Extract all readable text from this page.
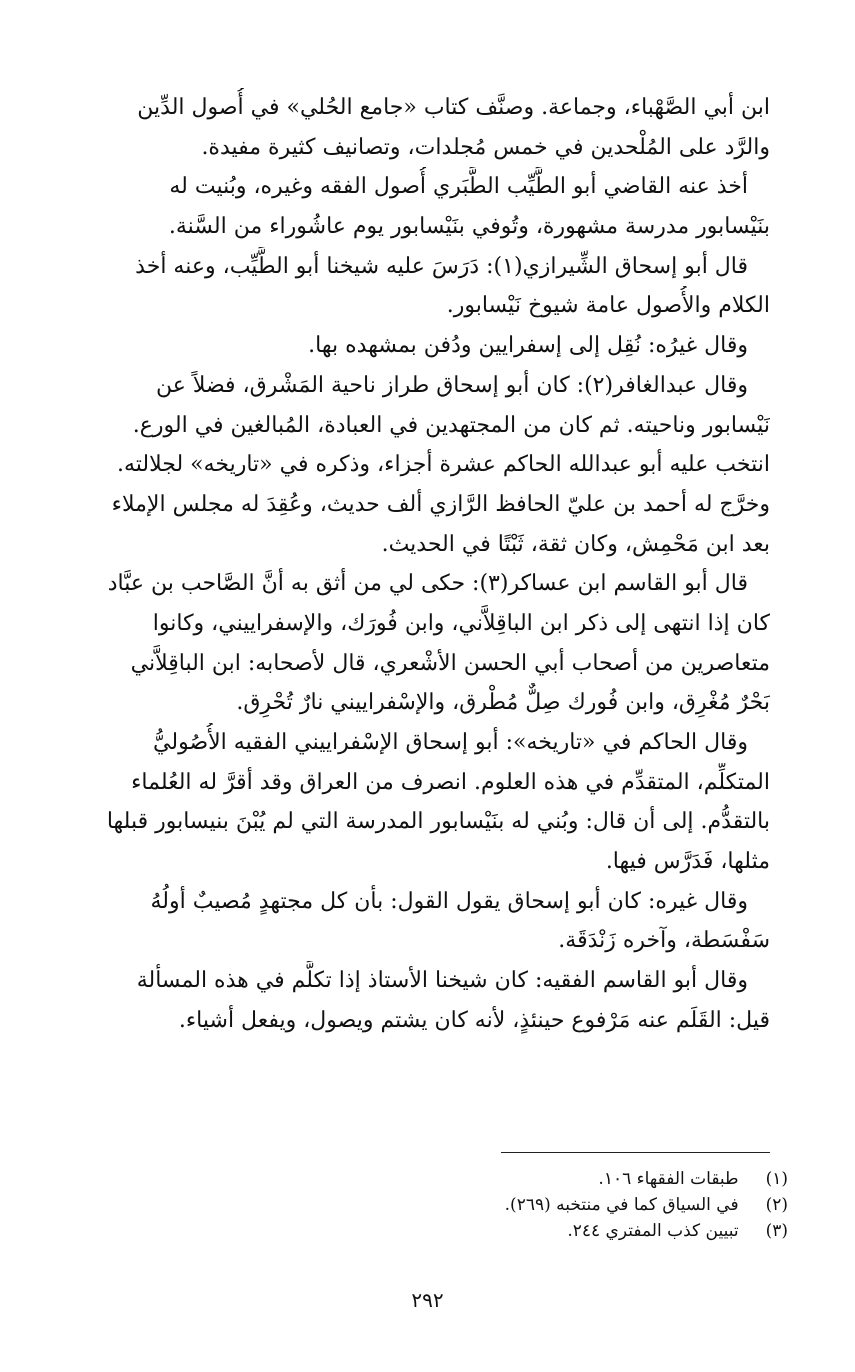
ابن أبي الصَّهْباء، وجماعة. وصنَّف كتاب «جامع الحُلي» في أُصول الدِّين
والرَّد على المُلْحدين في خمس مُجلدات، وتصانيف كثيرة مفيدة.
أخذ عنه القاضي أبو الطَّيِّب الطَّبَري أُصول الفقه وغيره، وبُنيت له
بنَيْسابور مدرسة مشهورة، وتُوفي بنَيْسابور يوم عاشُوراء من السَّنة.
قال أبو إسحاق الشِّيرازي(١): دَرَسَ عليه شيخنا أبو الطَّيِّب، وعنه أخذ
الكلام والأُصول عامة شيوخ نَيْسابور.
وقال غيرُه: نُقِل إلى إسفرايين ودُفن بمشهده بها.
وقال عبدالغافر(٢): كان أبو إسحاق طراز ناحية المَشْرق، فضلاً عن
نَيْسابور وناحيته. ثم كان من المجتهدين في العبادة، المُبالغين في الورع.
انتخب عليه أبو عبدالله الحاكم عشرة أجزاء، وذكره في «تاريخه» لجلالته.
وخرَّج له أحمد بن عليّ الحافظ الرَّازي ألف حديث، وعُقِدَ له مجلس الإملاء
بعد ابن مَحْمِش، وكان ثقة، ثَبْتًا في الحديث.
قال أبو القاسم ابن عساكر(٣): حكى لي من أثق به أنَّ الصَّاحب بن عبَّاد
كان إذا انتهى إلى ذكر ابن الباقِلاَّني، وابن فُورَك، والإسفراييني، وكانوا
متعاصرين من أصحاب أبي الحسن الأشْعري، قال لأصحابه: ابن الباقِلاَّني
بَحْرٌ مُغْرِق، وابن فُورك صِلٌّ مُطْرق، والإسْفراييني نارٌ تُحْرِق.
وقال الحاكم في «تاريخه»: أبو إسحاق الإسْفراييني الفقيه الأُصُوليُّ
المتكلِّم، المتقدِّم في هذه العلوم. انصرف من العراق وقد أقرَّ له العُلماء
بالتقدُّم. إلى أن قال: وبُني له بنَيْسابور المدرسة التي لم يُبْنَ بنيسابور قبلها
مثلها، فَدَرَّس فيها.
وقال غيره: كان أبو إسحاق يقول القول: بأن كل مجتهدٍ مُصيبٌ أولُهُ
سَفْسَطة، وآخره زَنْدَقَة.
وقال أبو القاسم الفقيه: كان شيخنا الأستاذ إذا تكلَّم في هذه المسألة
قيل: القَلَم عنه مَرْفوع حينئذٍ، لأنه كان يشتم ويصول، ويفعل أشياء.
(١) طبقات الفقهاء ١٠٦.
(٢) في السياق كما في منتخبه (٢٦٩).
(٣) تبيين كذب المفتري ٢٤٤.
٢٩٢
